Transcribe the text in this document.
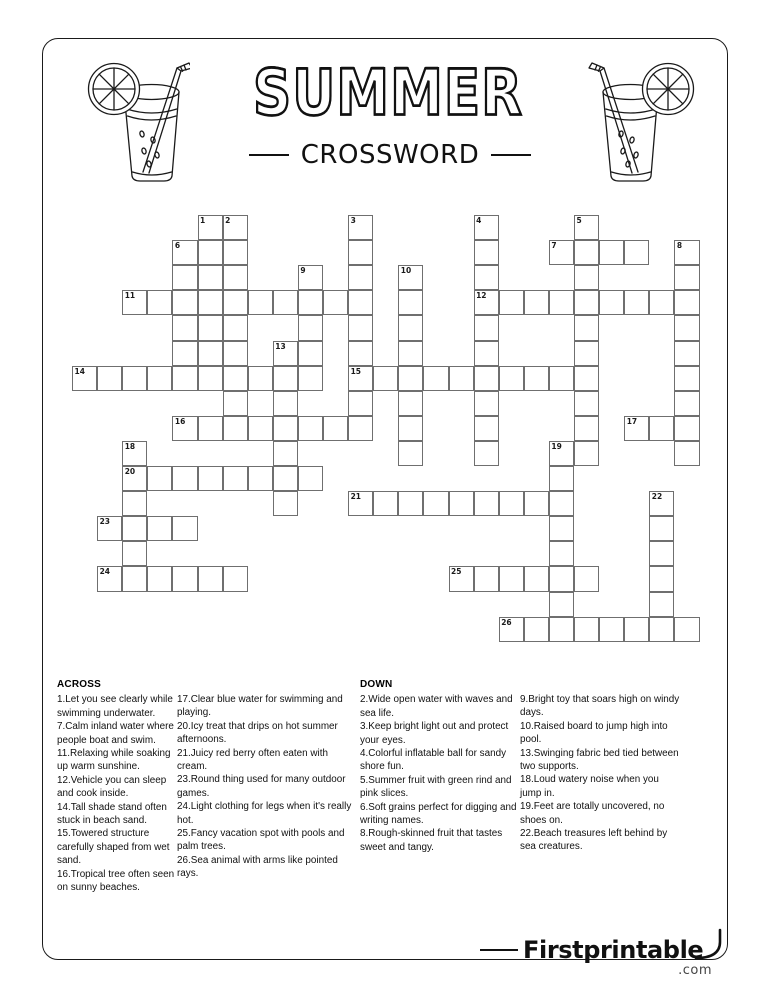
SUMMER
CROSSWORD
1	2	3
15
4
12
5
6	7	8
9	10
11
13
14
16	17
18
20
19
21	22
23
24	25
26
ACROSS
1.Let you see clearly while swimming underwater.
7.Calm inland water where people boat and swim.
11.Relaxing while soaking up warm sunshine.
12.Vehicle you can sleep and cook inside.
14.Tall shade stand often stuck in beach sand.
15.Towered structure carefully shaped from wet sand.
16.Tropical tree often seen on sunny beaches.
17.Clear blue water for swimming and playing.
20.Icy treat that drips on hot summer afternoons.
21.Juicy red berry often eaten with cream.
23.Round thing used for many outdoor games.
24.Light clothing for legs when it's really hot.
25.Fancy vacation spot with pools and palm trees.
26.Sea animal with arms like pointed rays.
DOWN
2.Wide open water with waves and sea life.
3.Keep bright light out and protect your eyes.
4.Colorful inflatable ball for sandy shore fun.
5.Summer fruit with green rind and pink slices.
6.Soft grains perfect for digging and writing names.
8.Rough-skinned fruit that tastes sweet and tangy.
9.Bright toy that soars high on windy days.
10.Raised board to jump high into pool.
13.Swinging fabric bed tied between two supports.
18.Loud watery noise when you jump in.
19.Feet are totally uncovered, no shoes on.
22.Beach treasures left behind by sea creatures.
Firstprintable
.com
